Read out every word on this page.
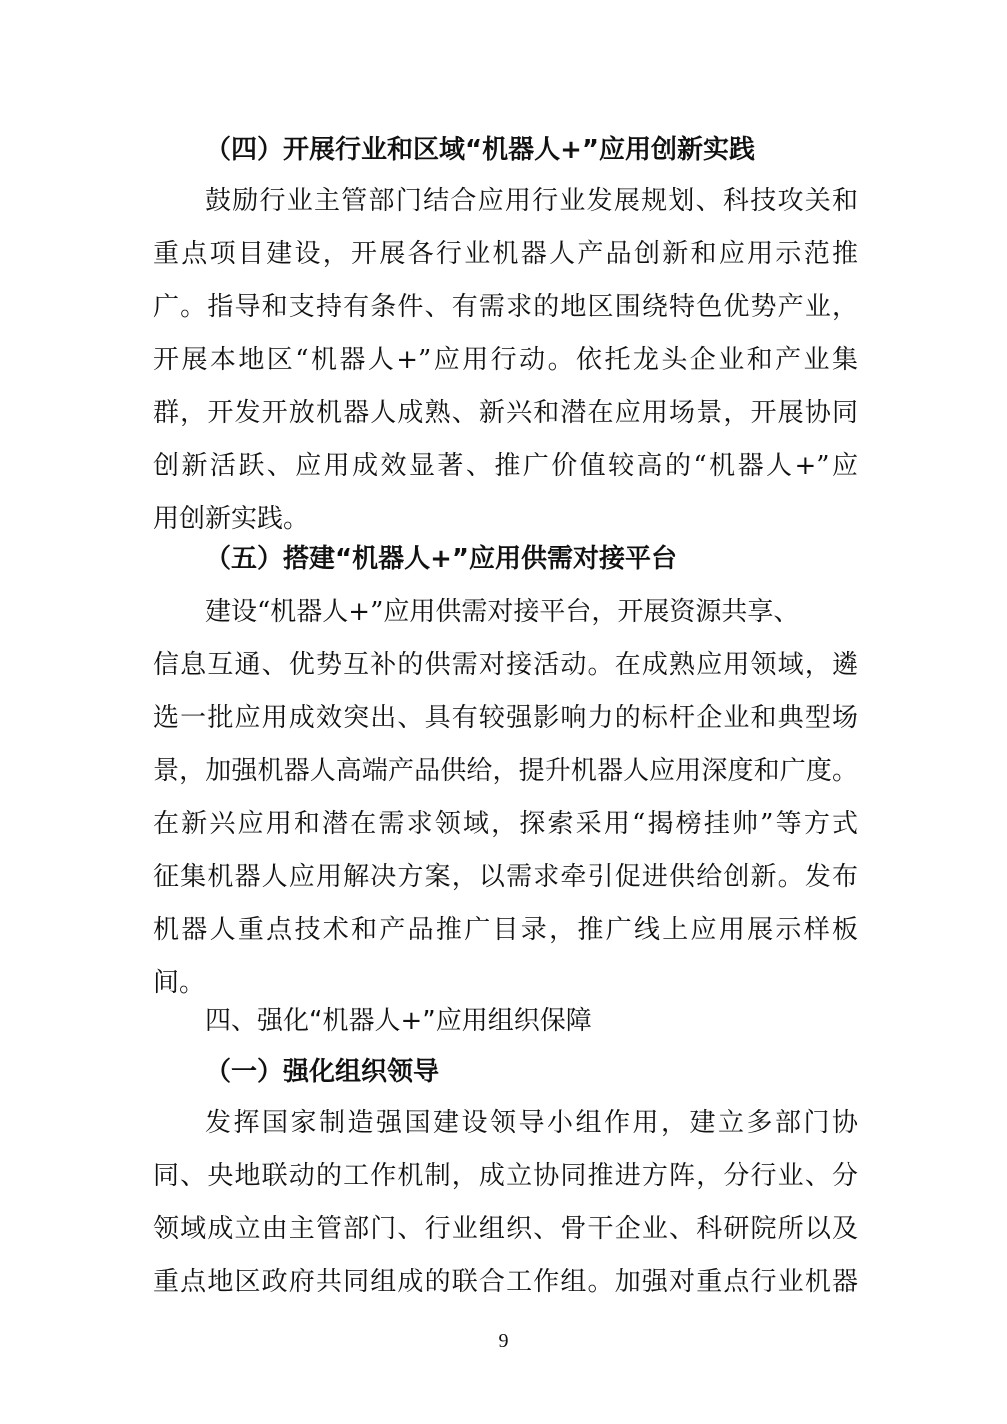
（四）开展行业和区域“机器人+”应用创新实践
鼓励行业主管部门结合应用行业发展规划、科技攻关和
重点项目建设，开展各行业机器人产品创新和应用示范推
广。指导和支持有条件、有需求的地区围绕特色优势产业，
开展本地区“机器人+”应用行动。依托龙头企业和产业集
群，开发开放机器人成熟、新兴和潜在应用场景，开展协同
创新活跃、应用成效显著、推广价值较高的“机器人+”应
用创新实践。
（五）搭建“机器人+”应用供需对接平台
建设“机器人+”应用供需对接平台，开展资源共享、
信息互通、优势互补的供需对接活动。在成熟应用领域，遴
选一批应用成效突出、具有较强影响力的标杆企业和典型场
景，加强机器人高端产品供给，提升机器人应用深度和广度。
在新兴应用和潜在需求领域，探索采用“揭榜挂帅”等方式
征集机器人应用解决方案，以需求牵引促进供给创新。发布
机器人重点技术和产品推广目录，推广线上应用展示样板
间。
四、强化“机器人+”应用组织保障
（一）强化组织领导
发挥国家制造强国建设领导小组作用，建立多部门协
同、央地联动的工作机制，成立协同推进方阵，分行业、分
领域成立由主管部门、行业组织、骨干企业、科研院所以及
重点地区政府共同组成的联合工作组。加强对重点行业机器
9
